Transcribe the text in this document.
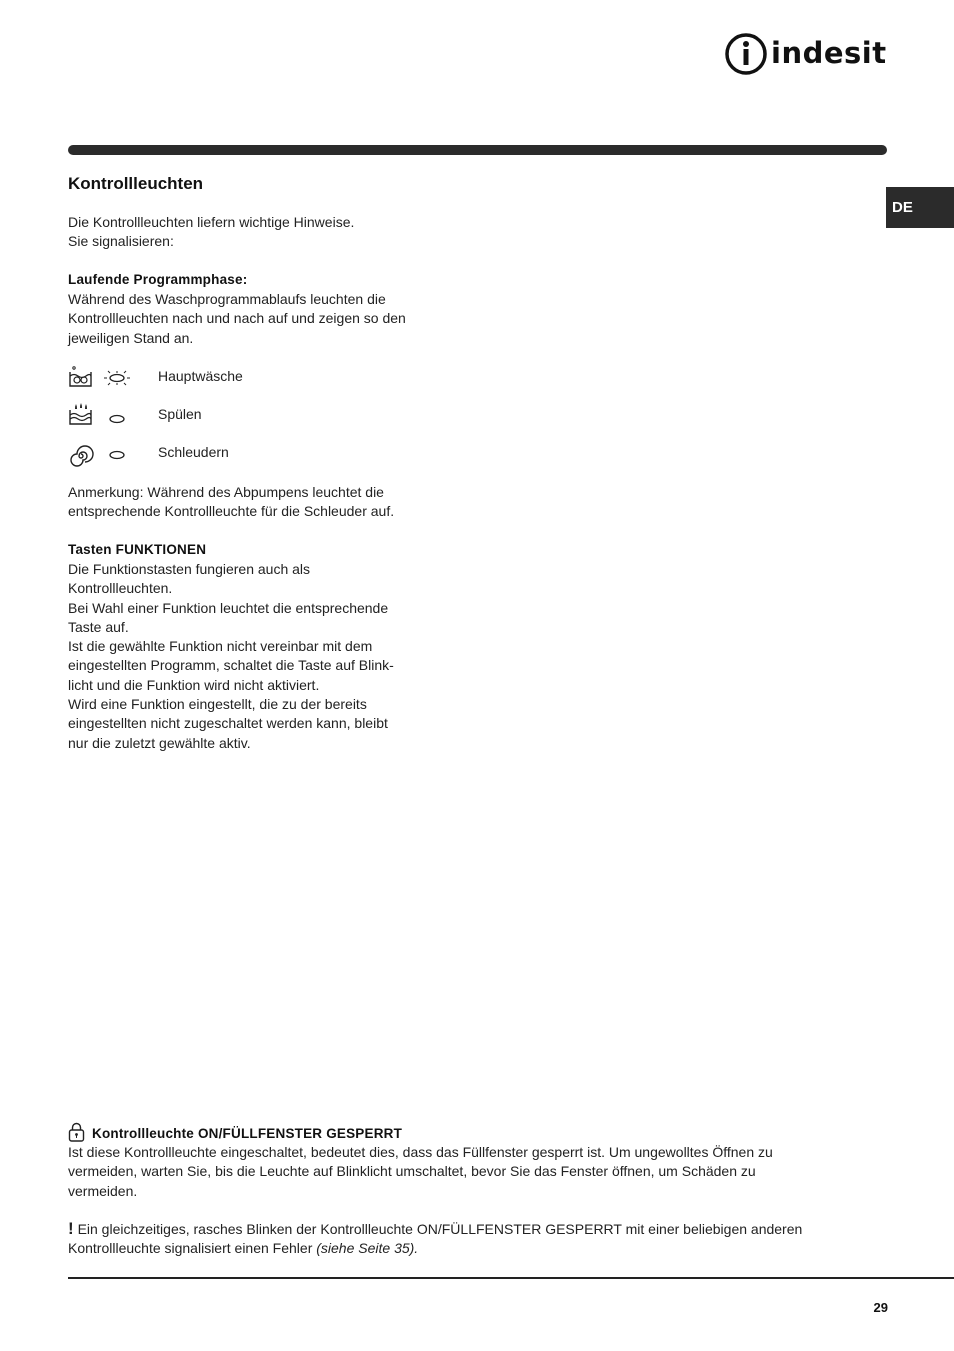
indesit
DE
Kontrollleuchten
Die Kontrollleuchten liefern wichtige Hinweise.
Sie signalisieren:
Laufende Programmphase:
Während des Waschprogrammablaufs leuchten die
Kontrollleuchten nach und nach auf und zeigen so den
jeweiligen Stand an.
Hauptwäsche
Spülen
Schleudern
Anmerkung: Während des Abpumpens leuchtet die
entsprechende Kontrollleuchte für die Schleuder auf.
Tasten FUNKTIONEN
Die Funktionstasten fungieren auch als
Kontrollleuchten.
Bei Wahl einer Funktion leuchtet die entsprechende
Taste auf.
Ist die gewählte Funktion nicht vereinbar mit dem
eingestellten Programm, schaltet die Taste auf Blink-
licht und die Funktion wird nicht aktiviert.
Wird eine Funktion eingestellt, die zu der bereits
eingestellten nicht zugeschaltet werden kann, bleibt
nur die zuletzt gewählte aktiv.
Kontrollleuchte ON/FÜLLFENSTER GESPERRT
Ist diese Kontrollleuchte eingeschaltet, bedeutet dies, dass das Füllfenster gesperrt ist. Um ungewolltes Öffnen zu
vermeiden, warten Sie, bis die Leuchte auf Blinklicht umschaltet, bevor Sie das Fenster öffnen, um Schäden zu
vermeiden.
! Ein gleichzeitiges, rasches Blinken der Kontrollleuchte ON/FÜLLFENSTER GESPERRT mit einer beliebigen anderen
Kontrollleuchte signalisiert einen Fehler (siehe Seite 35).
29
